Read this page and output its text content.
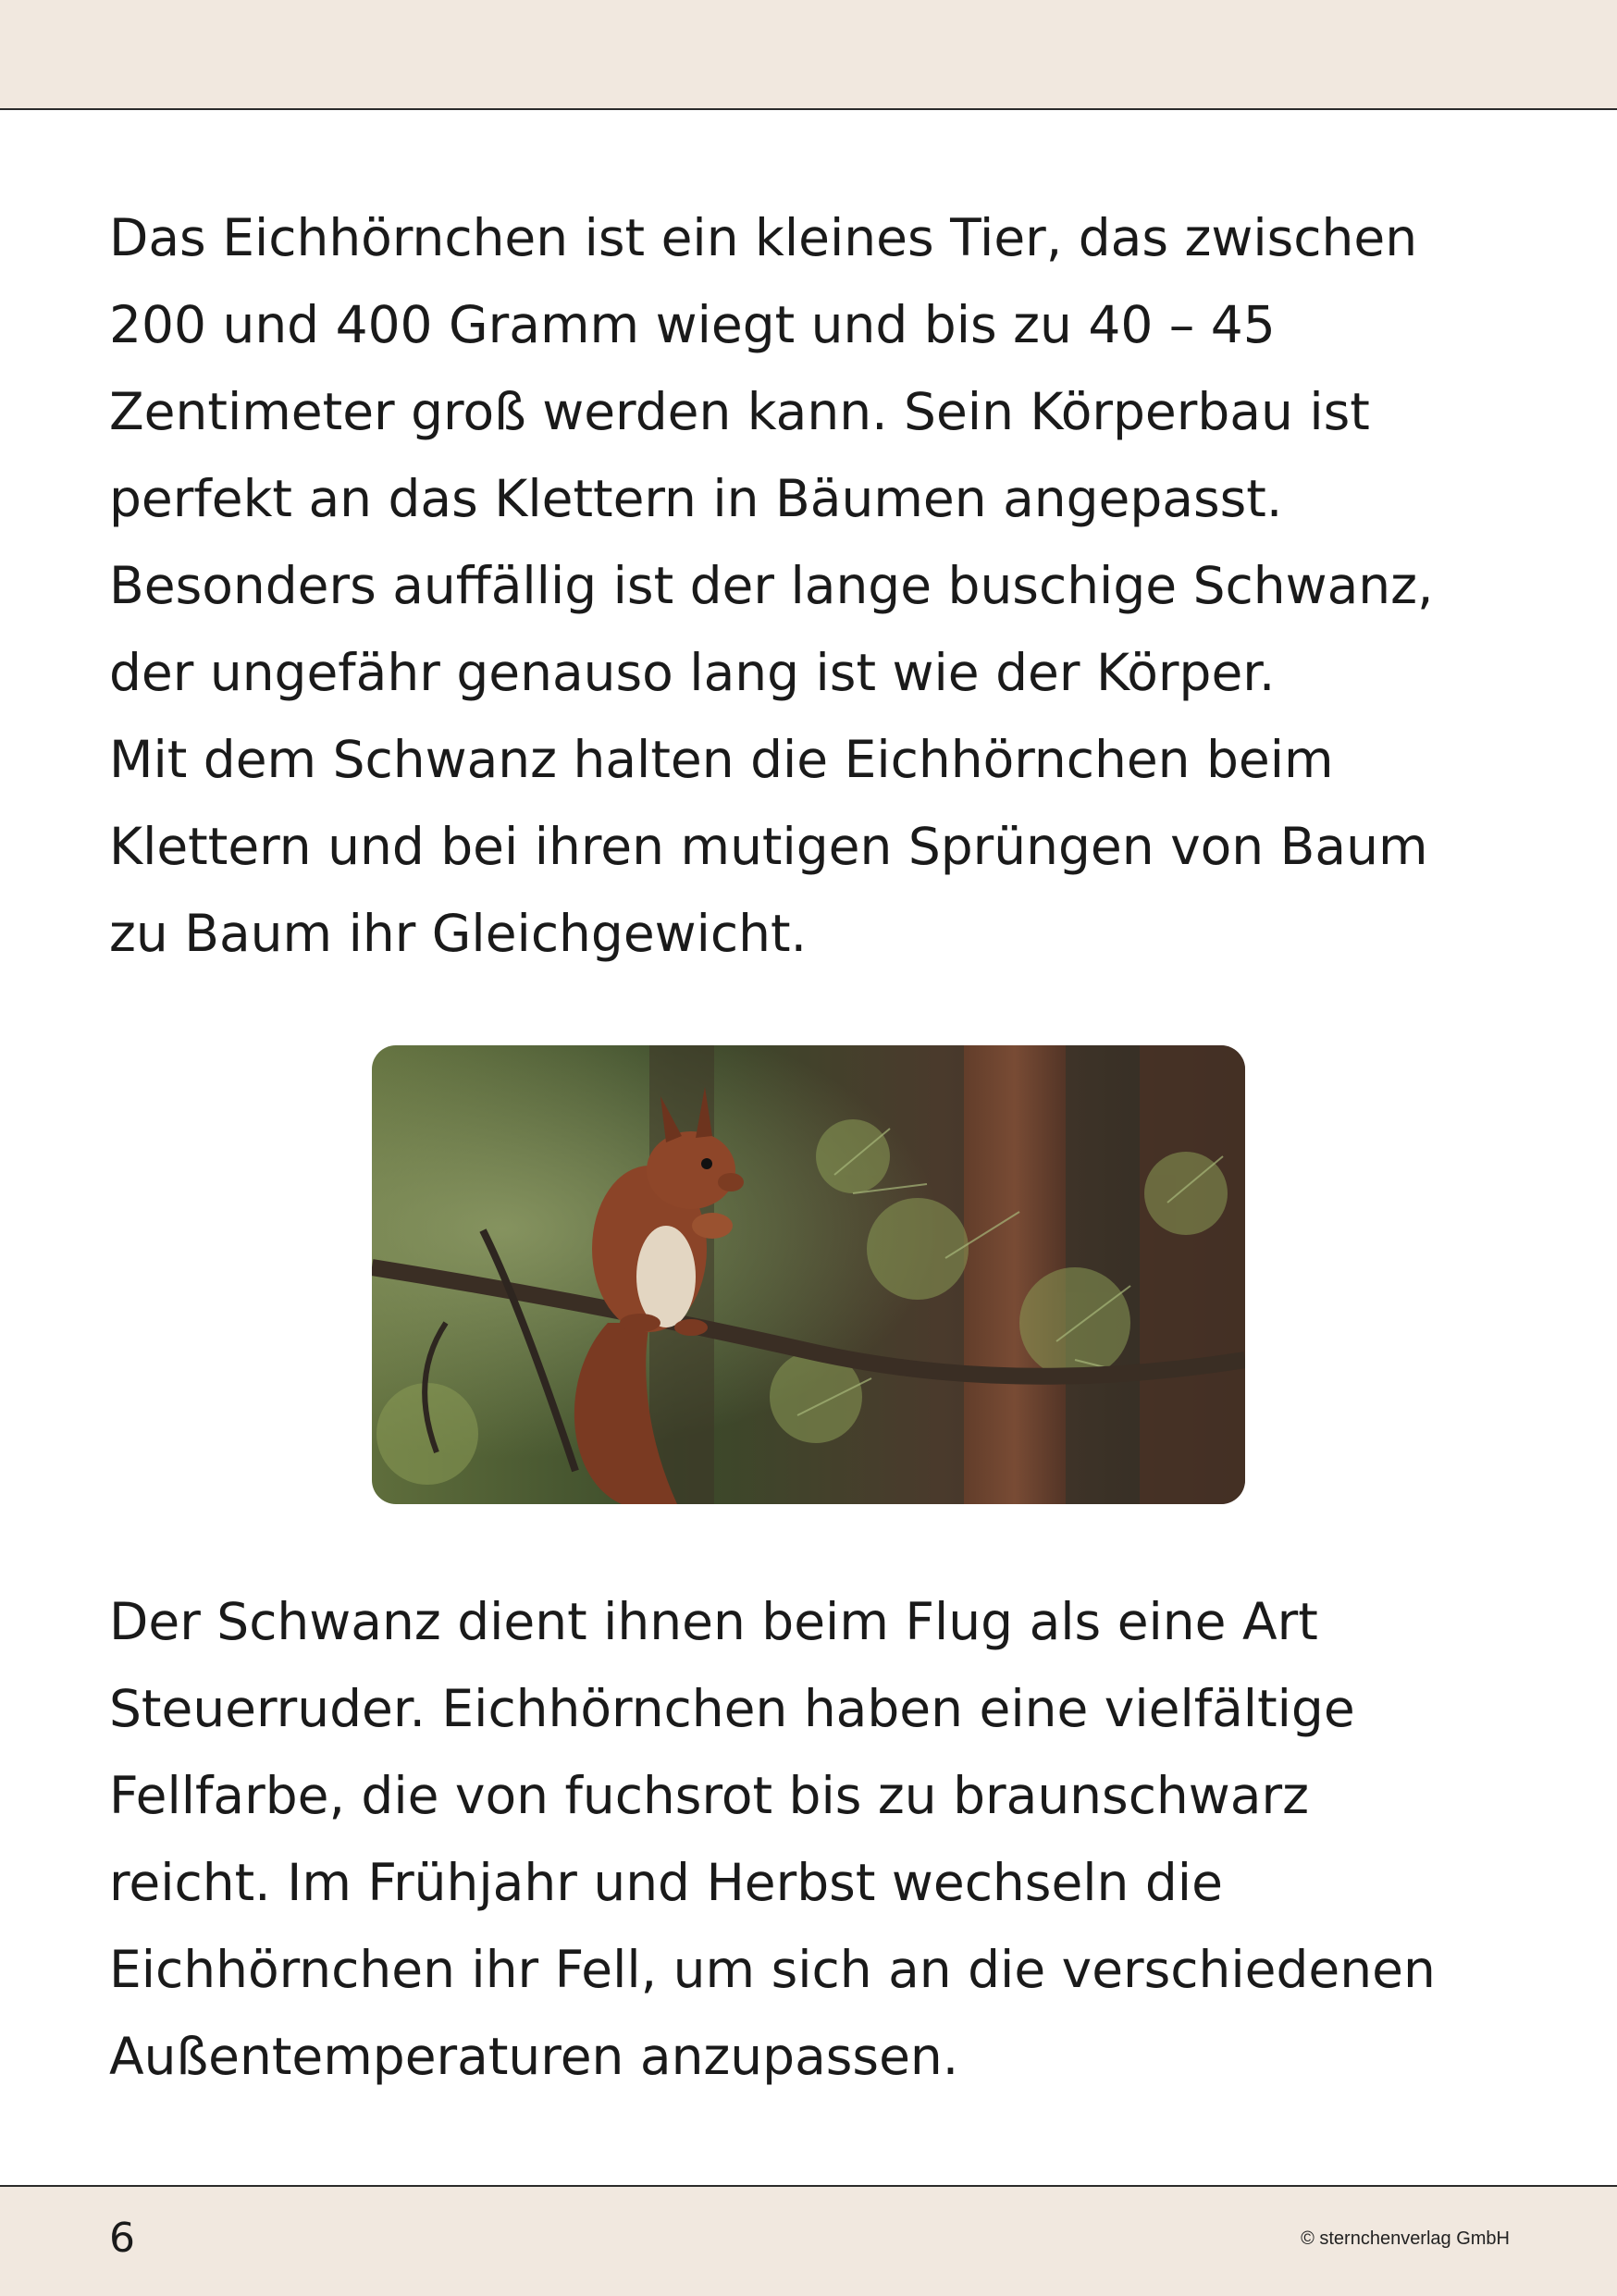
Das Eichhörnchen ist ein kleines Tier, das zwischen
200 und 400 Gramm wiegt und bis zu 40 – 45
Zentimeter groß werden kann. Sein Körperbau ist
perfekt an das Klettern in Bäumen angepasst.
Besonders auffällig ist der lange buschige Schwanz,
der ungefähr genauso lang ist wie der Körper.
Mit dem Schwanz halten die Eichhörnchen beim
Klettern und bei ihren mutigen Sprüngen von Baum
zu Baum ihr Gleichgewicht.

Der Schwanz dient ihnen beim Flug als eine Art
Steuerruder. Eichhörnchen haben eine vielfältige
Fellfarbe, die von fuchsrot bis zu braunschwarz
reicht. Im Frühjahr und Herbst wechseln die
Eichhörnchen ihr Fell, um sich an die verschiedenen
Außentemperaturen anzupassen.

6	© sternchenverlag GmbH
